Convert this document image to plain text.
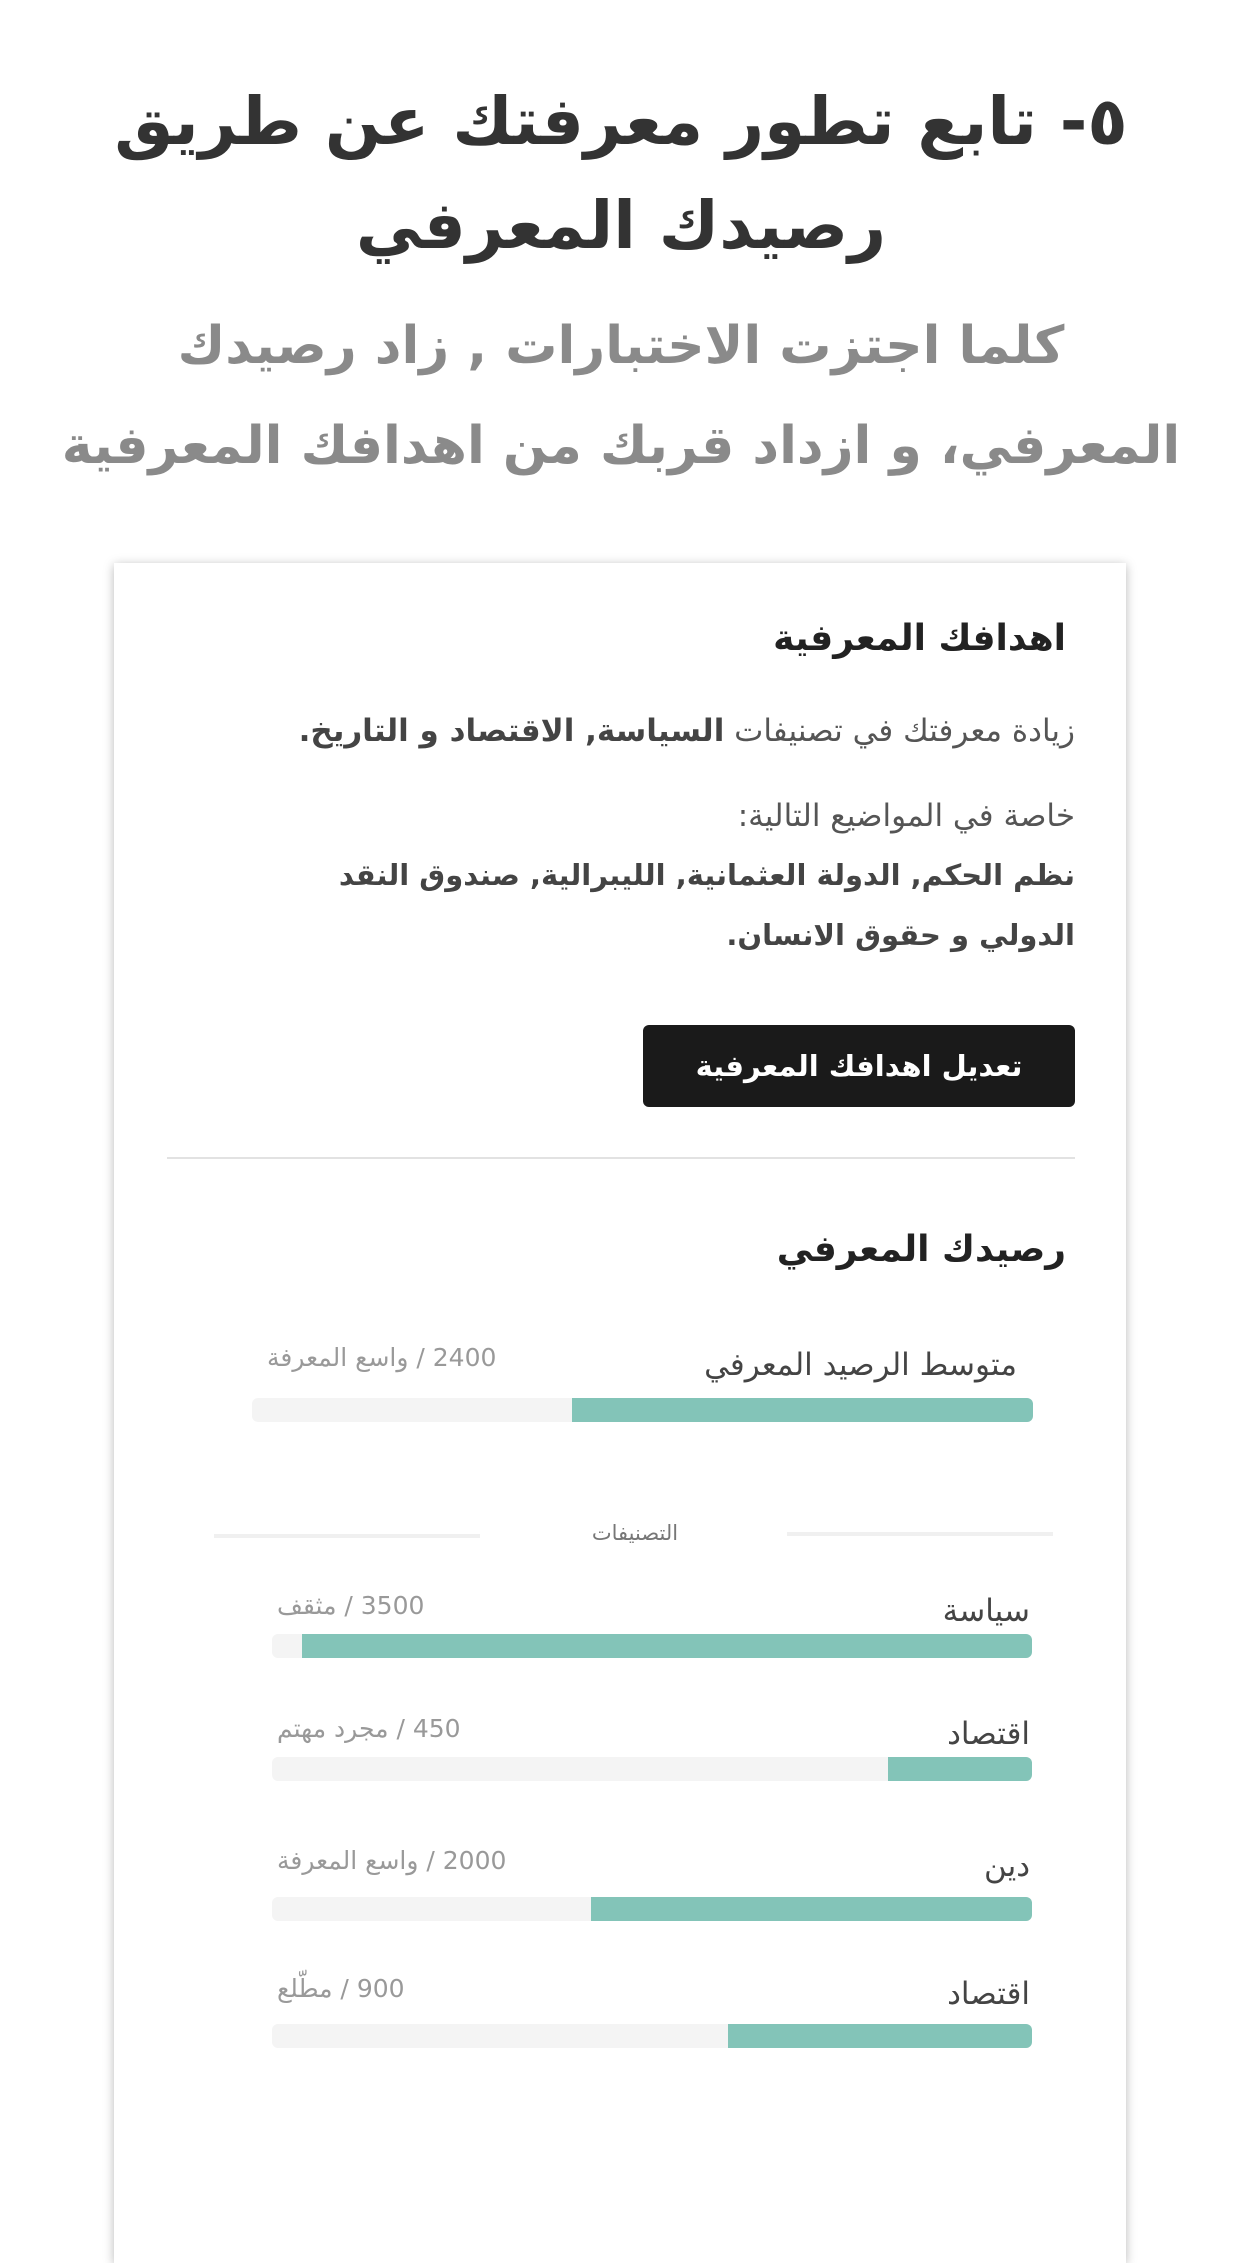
٥- تابع تطور معرفتك عن طريق رصيدك المعرفي
كلما اجتزت الاختبارات , زاد رصيدك المعرفي، و ازداد قربك من اهدافك المعرفية
اهدافك المعرفية
زيادة معرفتك في تصنيفات السياسة, الاقتصاد و التاريخ.
خاصة في المواضيع التالية:
نظم الحكم, الدولة العثمانية, الليبرالية, صندوق النقد الدولي و حقوق الانسان.
تعديل اهدافك المعرفية
رصيدك المعرفي
متوسط الرصيد المعرفي
2400 / واسع المعرفة
التصنيفات
سياسة
3500 / مثقف
اقتصاد
450 / مجرد مهتم
دين
2000 / واسع المعرفة
اقتصاد
900 / مطّلع
